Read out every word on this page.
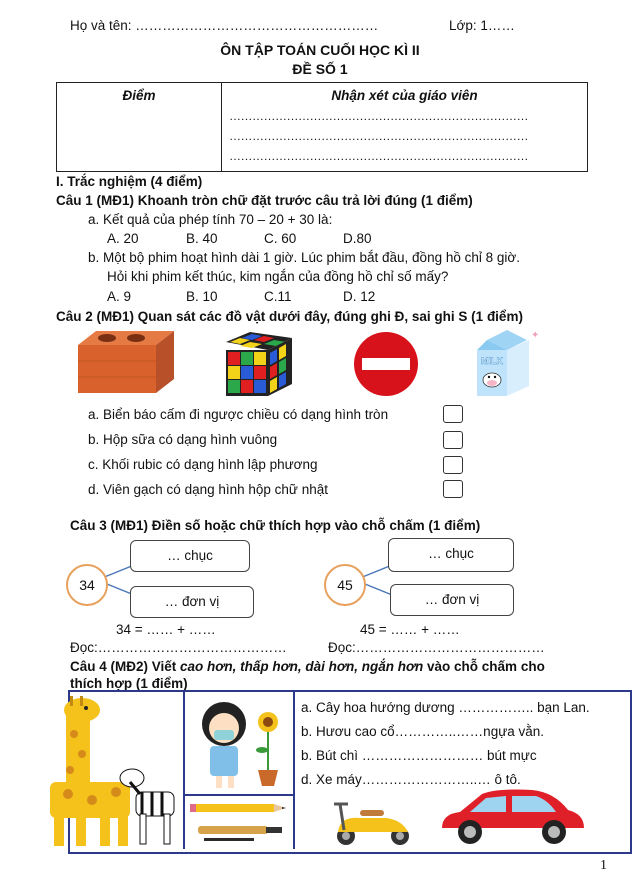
Họ và tên: ………………………………………………	Lớp: 1……
ÔN TẬP TOÁN CUỐI HỌC KÌ II
ĐỀ SỐ 1
Điểm	Nhận xét của giáo viên
……………………………………………………………………
……………………………………………………………………
……………………………………………………………………
I. Trắc nghiệm (4 điểm)
Câu 1 (MĐ1) Khoanh tròn chữ đặt trước câu trả lời đúng (1 điểm)
a. Kết quả của phép tính 70 – 20 + 30 là:
A. 20	B. 40	C. 60	D.80
b. Một bộ phim hoạt hình dài 1 giờ. Lúc phim bắt đầu, đồng hồ chỉ 8 giờ.
Hỏi khi phim kết thúc, kim ngắn của đồng hồ chỉ số mấy?
A. 9	B. 10	C.11	D. 12
Câu 2 (MĐ1) Quan sát các đồ vật dưới đây, đúng ghi Đ, sai ghi S (1 điểm)
MILK
✦
a. Biển báo cấm đi ngược chiều có dạng hình tròn
b. Hộp sữa có dạng hình vuông
c. Khối rubic có dạng hình lập phương
d. Viên gạch có dạng hình hộp chữ nhật
Câu 3 (MĐ1) Điền số hoặc chữ thích hợp vào chỗ chấm (1 điểm)
34
… chục
… đơn vị
34 = …… + ……
Đọc:……………………………………
45
… chục
… đơn vị
45 = …… + ……
Đọc:……………………………………
Câu 4 (MĐ2) Viết cao hơn, thấp hơn, dài hơn, ngắn hơn vào chỗ chấm cho
thích hợp (1 điểm)
a. Cây hoa hướng dương …………….. bạn Lan.
b. Hươu cao cổ…………..……ngựa vằn.
b. Bút chì ……………………… bút mực
d. Xe máy……………………..… ô tô.
1
